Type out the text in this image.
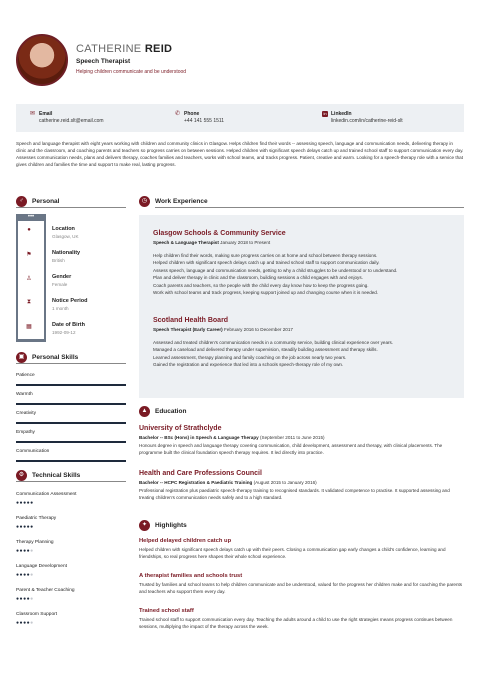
CATHERINE REID
Speech Therapist
Helping children communicate and be understood
✉ Email
catherine.reid.slt@email.com
✆ Phone
+44 141 555 1511
in LinkedIn
linkedin.com/in/catherine-reid-slt
Speech and language therapist with eight years working with children and community clinics in Glasgow. Helps children find their words -- assessing speech, language and communication needs, delivering therapy in clinic and the classroom, and coaching parents and teachers so progress carries on between sessions. Helped children with significant speech delays catch up and trained school staff to support communication every day. Assesses communication needs, plans and delivers therapy, coaches families and teachers, works with school teams, and tracks progress. Patient, creative and warm. Looking for a speech-therapy role with a service that gives children and families the time and support to make real, lasting progress.
♂	Personal
•••
●	Location
Glasgow, UK
⚑	Nationality
British
♙	Gender
Female
⧗	Notice Period
1 month
▦	Date of Birth
1992-09-12
▣	Personal Skills
Patience
Warmth
Creativity
Empathy
Communication
⚙	Technical Skills
Communication Assessment
●●●●●
Paediatric Therapy
●●●●●
Therapy Planning
●●●●●
Language Development
●●●●●
Parent & Teacher Coaching
●●●●●
Classroom Support
●●●●●
◷	Work Experience
Glasgow Schools & Community Service
Speech & Language Therapist January 2018 to Present
Help children find their words, making sure progress carries on at home and school between therapy sessions.
Helped children with significant speech delays catch up and trained school staff to support communication daily.
Assess speech, language and communication needs, getting to why a child struggles to be understood or to understand.
Plan and deliver therapy in clinic and the classroom, building sessions a child engages with and enjoys.
Coach parents and teachers, so the people with the child every day know how to keep the progress going.
Work with school teams and track progress, keeping support joined up and changing course when it is needed.
Scotland Health Board
Speech Therapist (Early Career) February 2016 to December 2017
Assessed and treated children's communication needs in a community service, building clinical experience over years.
Managed a caseload and delivered therapy under supervision, steadily building assessment and therapy skills.
Learned assessment, therapy planning and family coaching on the job across nearly two years.
Gained the registration and experience that led into a schools speech-therapy role of my own.
▲	Education
University of Strathclyde
Bachelor -- BSc (Hons) in Speech & Language Therapy (September 2011 to June 2015)
Honours degree in speech and language therapy covering communication, child development, assessment and therapy, with clinical placements. The programme built the clinical foundation speech therapy requires. It led directly into practice.
Health and Care Professions Council
Bachelor -- HCPC Registration & Paediatric Training (August 2015 to January 2016)
Professional registration plus paediatric speech-therapy training to recognised standards. It validated competence to practise. It supported assessing and treating children's communication needs safely and to a high standard.
✦	Highlights
Helped delayed children catch up
Helped children with significant speech delays catch up with their peers. Closing a communication gap early changes a child's confidence, learning and friendships, so real progress here shapes their whole school experience.
A therapist families and schools trust
Trusted by families and school teams to help children communicate and be understood, valued for the progress her children make and for coaching the parents and teachers who support them every day.
Trained school staff
Trained school staff to support communication every day. Teaching the adults around a child to use the right strategies means progress continues between sessions, multiplying the impact of the therapy across the week.
